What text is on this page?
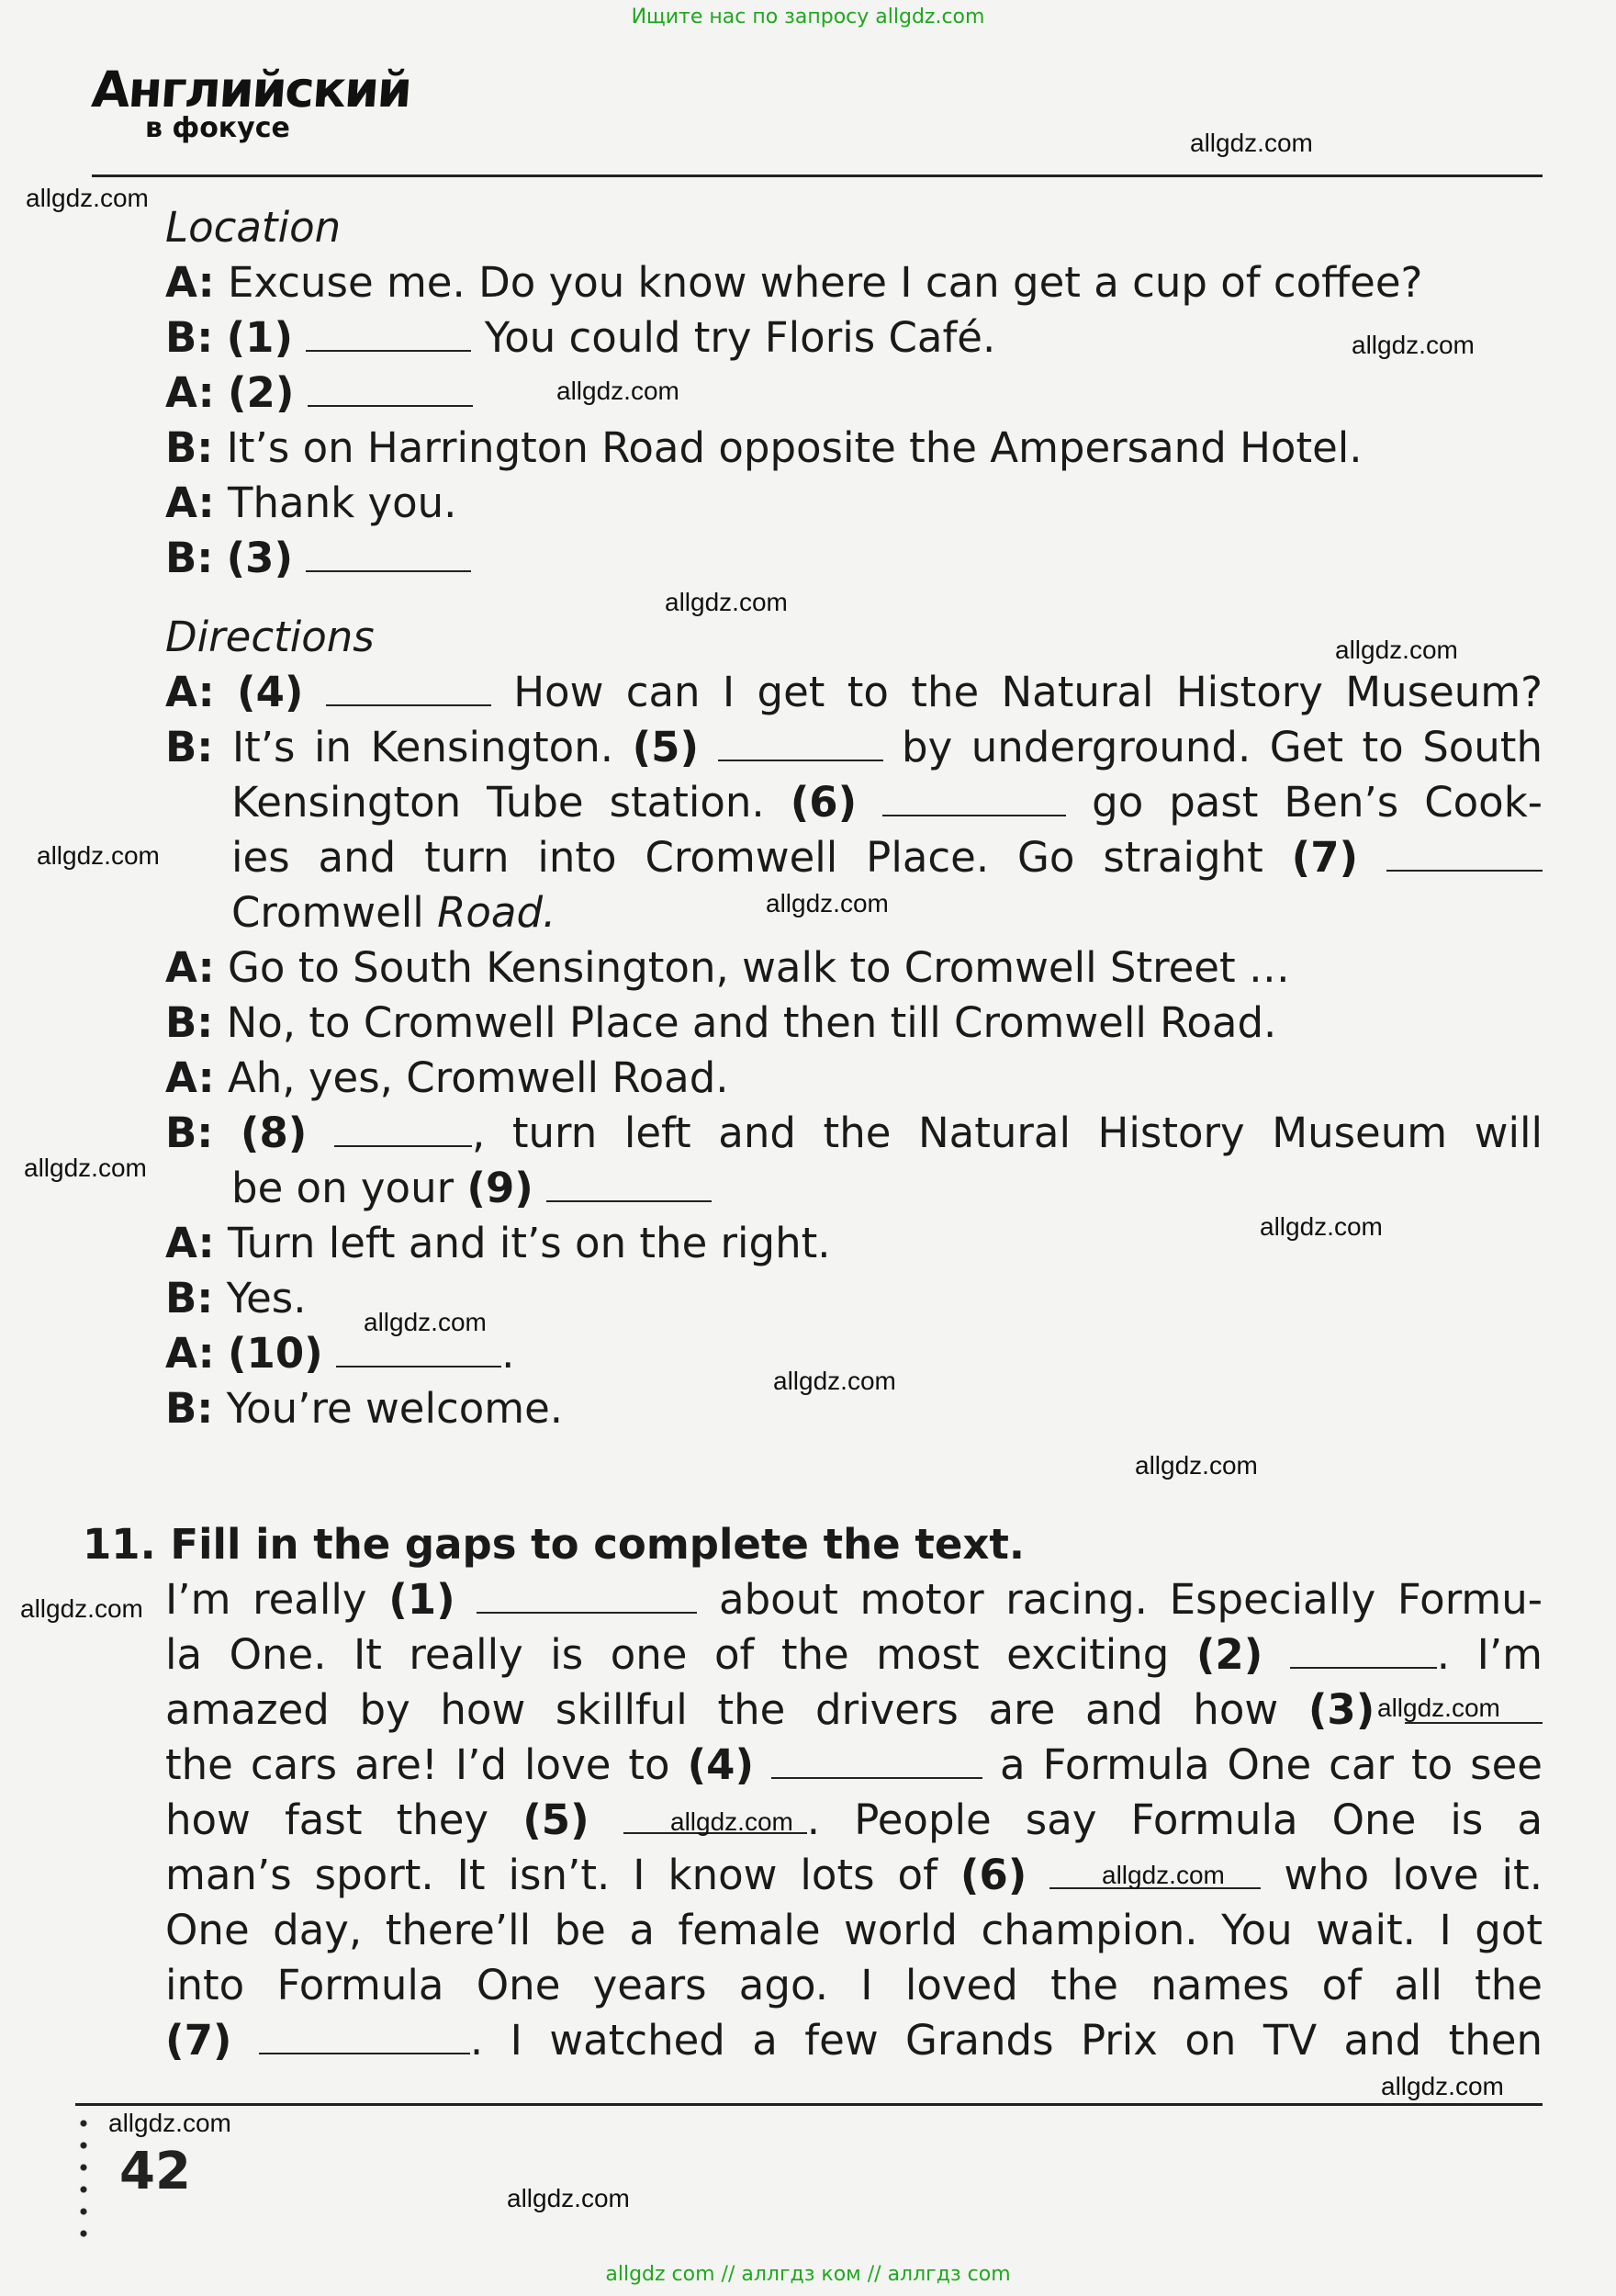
Ищите нас по запросу allgdz.com
Английский
в фокусе
Location
A: Excuse me. Do you know where I can get a cup of coffee?
B: (1)	You could try Floris Café.
A: (2)
B: It’s on Harrington Road opposite the Ampersand Hotel.
A: Thank you.
B: (3)
Directions
A: (4)	How can I get to the Natural History Museum?
B: It’s in Kensington. (5)	by underground. Get to South
Kensington Tube station. (6)	go past Ben’s Cook-
ies and turn into Cromwell Place. Go straight (7)
Cromwell Road.
A: Go to South Kensington, walk to Cromwell Street …
B: No, to Cromwell Place and then till Cromwell Road.
A: Ah, yes, Cromwell Road.
B: (8)	, turn left and the Natural History Museum will
be on your (9)
A: Turn left and it’s on the right.
B: Yes.
A: (10)	.
B: You’re welcome.
11. Fill in the gaps to complete the text.
I’m really (1)	about motor racing. Especially Formu-
la One. It really is one of the most exciting (2)	. I’m
amazed by how skillful the drivers are and how (3)
the cars are! I’d love to (4)	a Formula One car to see
how fast they (5)	. People say Formula One is a
man’s sport. It isn’t. I know lots of (6)	who love it.
One day, there’ll be a female world champion. You wait. I got
into Formula One years ago. I loved the names of all the
(7)	. I watched a few Grands Prix on TV and then
42
allgdz.com
allgdz.com
allgdz.com
allgdz.com
allgdz.com
allgdz.com
allgdz.com
allgdz.com
allgdz.com
allgdz.com
allgdz.com
allgdz.com
allgdz.com
allgdz.com
allgdz.com
allgdz.com
allgdz.com
allgdz.com
allgdz.com
allgdz.com
allgdz com // аллгдз ком // аллгдз com
